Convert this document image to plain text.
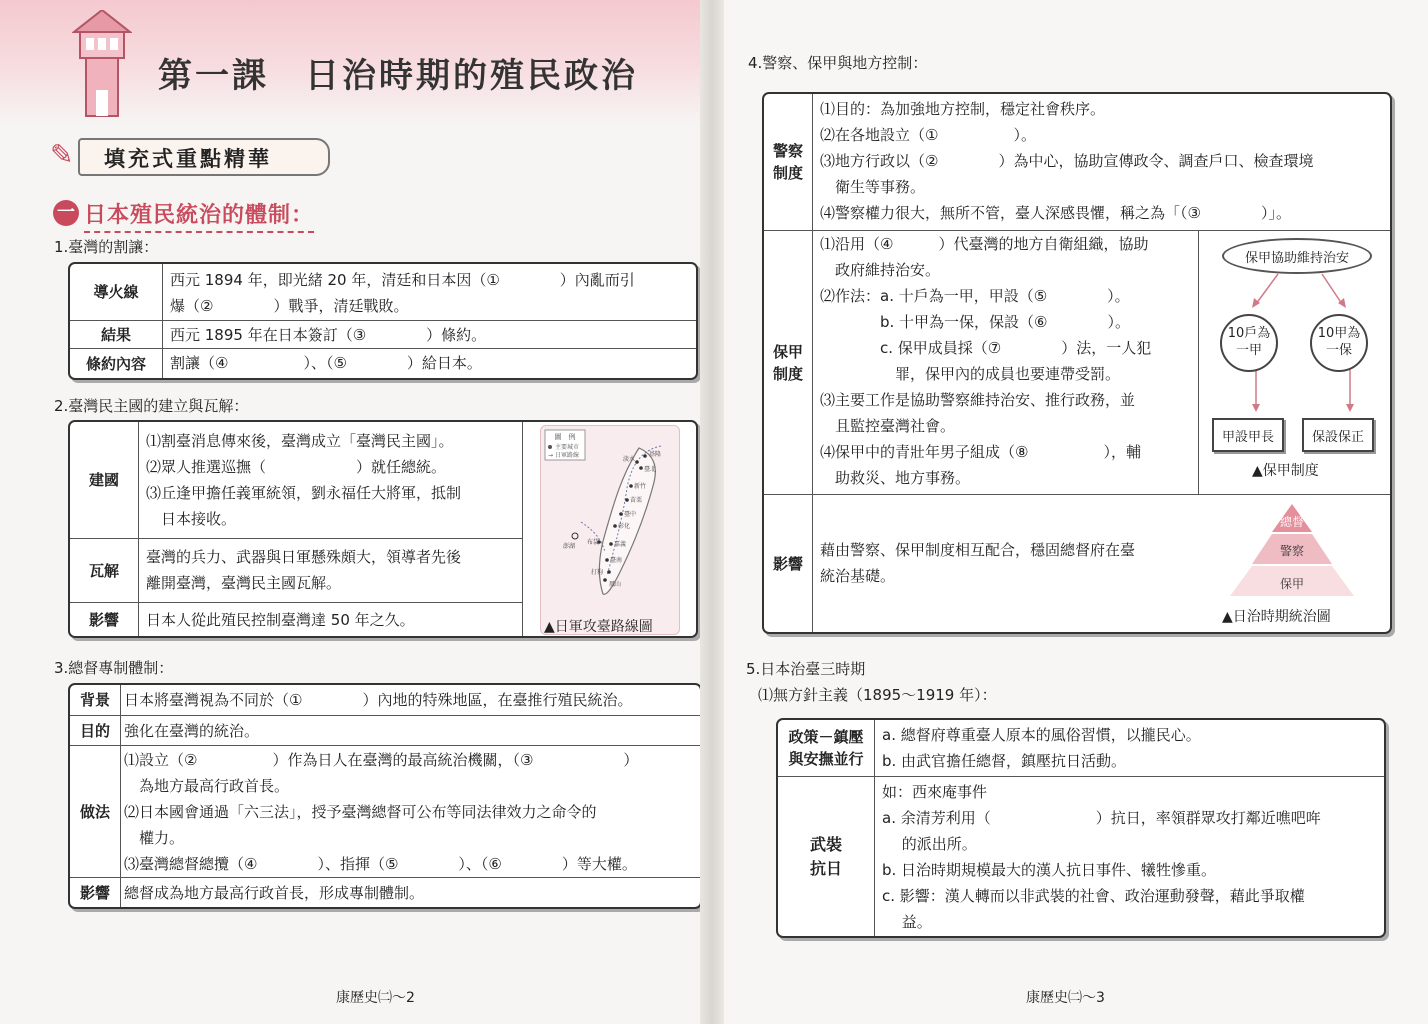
第一課 日治時期的殖民政治
✎ 填充式重點精華
一 日本殖民統治的體制：
1.臺灣的割讓：
導火線
西元 1894 年，即光緒 20 年，清廷和日本因（①　　　　）內亂而引
爆（②　　　　）戰爭，清廷戰敗。
結果	西元 1895 年在日本簽訂（③　　　　）條約。
條約內容	割讓（④　　　　　）、（⑤　　　　）給日本。
2.臺灣民主國的建立與瓦解：
建國
⑴割臺消息傳來後，臺灣成立「臺灣民主國」。
⑵眾人推選巡撫（　　　　　　）就任總統。
⑶丘逢甲擔任義軍統領，劉永福任大將軍，抵制
　日本接收。
瓦解
臺灣的兵力、武器與日軍懸殊頗大，領導者先後
離開臺灣，臺灣民主國瓦解。
影響	日本人從此殖民控制臺灣達 50 年之久。
圖　例
主要城市
→ 日軍路線	基隆
淡水
臺北
新竹
苗栗
臺中
彰化
嘉義
臺南
打狗
鳳山
布袋
澎湖
▲日軍攻臺路線圖
3.總督專制體制：
背景 日本將臺灣視為不同於（①　　　　）內地的特殊地區，在臺推行殖民統治。
目的 強化在臺灣的統治。
做法
⑴設立（②　　　　　）作為日人在臺灣的最高統治機關，（③　　　　　　）
　為地方最高行政首長。
⑵日本國會通過「六三法」，授予臺灣總督可公布等同法律效力之命令的
　權力。
⑶臺灣總督總攬（④　　　　）、指揮（⑤　　　　）、（⑥　　　　）等大權。
影響 總督成為地方最高行政首長，形成專制體制。
康歷史㈡～2
4.警察、保甲與地方控制：
警察
制度
⑴目的：為加強地方控制，穩定社會秩序。
⑵在各地設立（①　　　　　）。
⑶地方行政以（②　　　　）為中心，協助宣傳政令、調查戶口、檢查環境
　衛生等事務。
⑷警察權力很大，無所不管，臺人深感畏懼，稱之為「（③　　　　）」。
保甲
制度
⑴沿用（④　　　）代臺灣的地方自衛組織，協助
　政府維持治安。
⑵作法：a. 十戶為一甲，甲設（⑤　　　　）。
　　　　b. 十甲為一保，保設（⑥　　　　）。
　　　　c. 保甲成員採（⑦　　　　）法，一人犯
　　　　　罪，保甲內的成員也要連帶受罰。
⑶主要工作是協助警察維持治安、推行政務，並
　且監控臺灣社會。
⑷保甲中的青壯年男子組成（⑧　　　　　），輔
　助救災、地方事務。
影響
藉由警察、保甲制度相互配合，穩固總督府在臺
統治基礎。
保甲協助維持治安
10戶為
一甲
10甲為
一保
甲設甲長	保設保正
▲保甲制度
總督
警察
保甲
▲日治時期統治圖
5.日本治臺三時期
⑴無方針主義（1895～1919 年）：
政策－鎮壓
與安撫並行
a. 總督府尊重臺人原本的風俗習慣，以攏民心。
b. 由武官擔任總督，鎮壓抗日活動。
武裝
抗日
如：西來庵事件
a. 余清芳利用（　　　　　　　）抗日，率領群眾攻打鄰近噍吧哖
　 的派出所。
b. 日治時期規模最大的漢人抗日事件、犧牲慘重。
c. 影響：漢人轉而以非武裝的社會、政治運動發聲，藉此爭取權
　 益。
康歷史㈡～3
